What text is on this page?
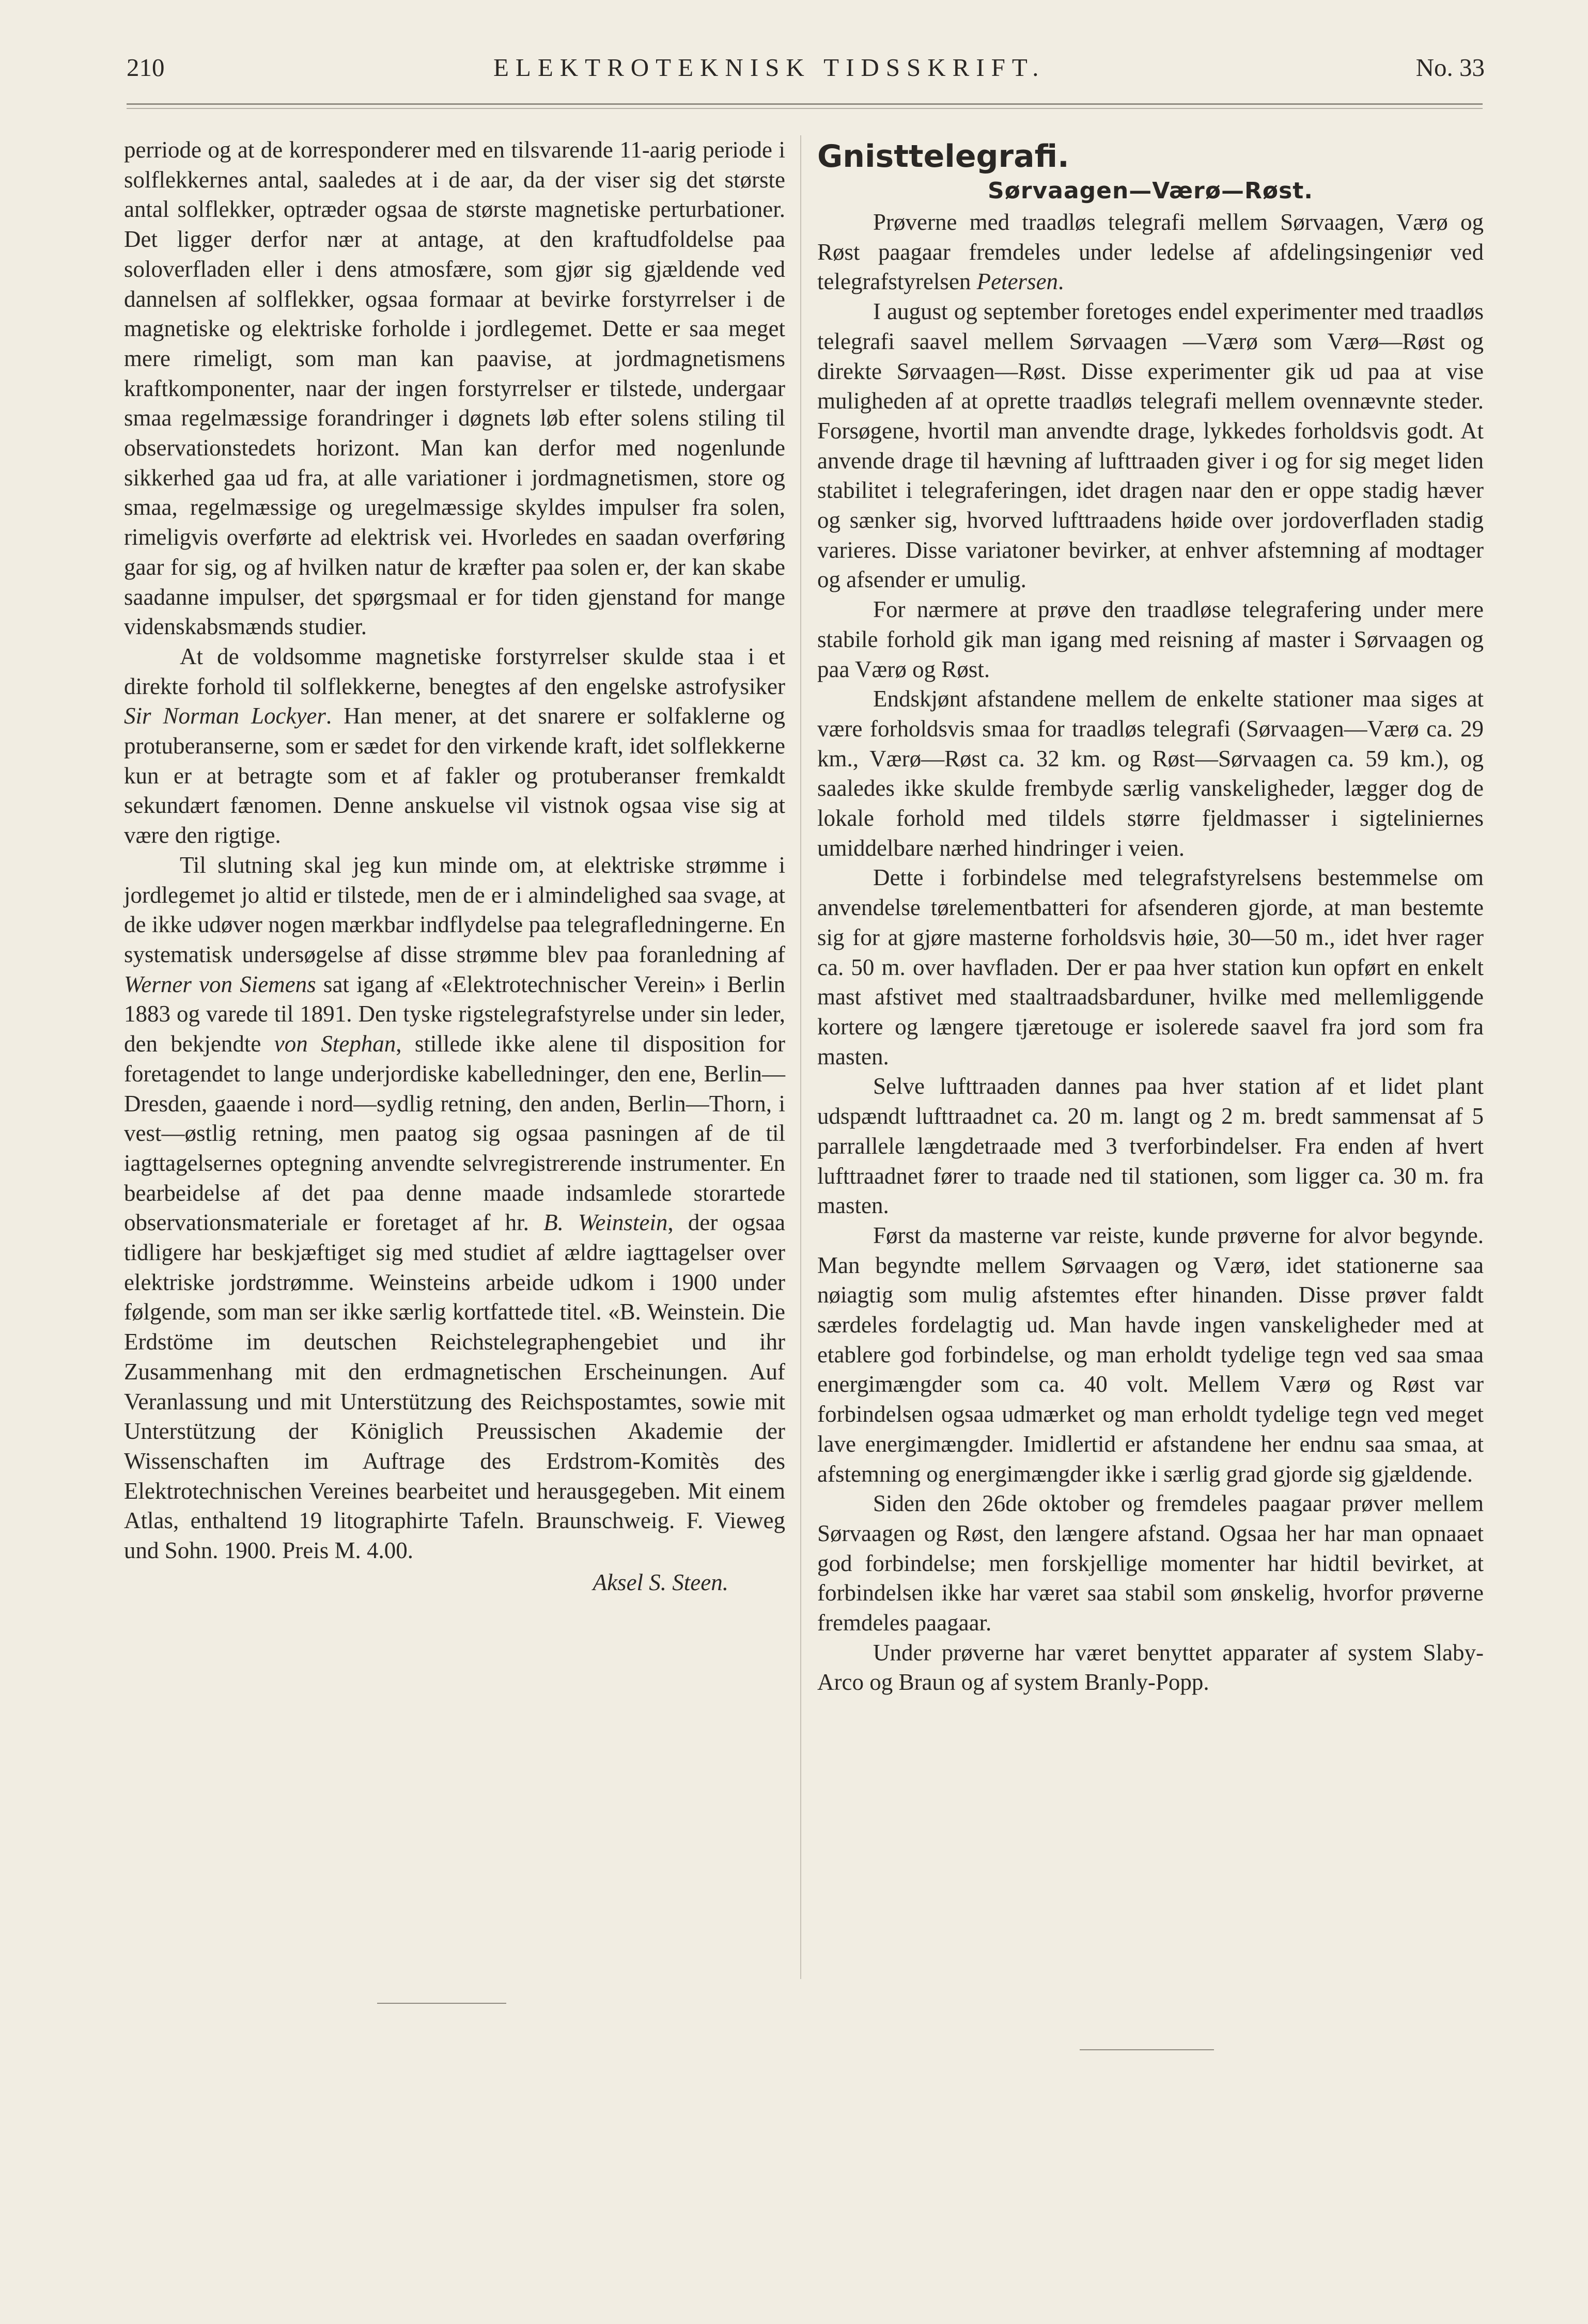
210	ELEKTROTEKNISK TIDSSKRIFT.	No. 33

perriode og at de korresponderer med en tilsvarende 11-aarig periode i solflekkernes antal, saaledes at i de aar, da der viser sig det største antal solflekker, optræder ogsaa de største magnetiske perturbationer. Det ligger derfor nær at antage, at den kraftudfoldelse paa soloverfladen eller i dens atmosfære, som gjør sig gjældende ved dannelsen af solflekker, ogsaa formaar at bevirke forstyrrelser i de magnetiske og elektriske forholde i jordlegemet. Dette er saa meget mere rimeligt, som man kan paavise, at jordmagnetismens kraftkomponenter, naar der ingen forstyrrelser er tilstede, undergaar smaa regelmæssige forandringer i døgnets løb efter solens stiling til observationstedets horizont. Man kan derfor med nogenlunde sikkerhed gaa ud fra, at alle variationer i jordmagnetismen, store og smaa, regelmæssige og uregelmæssige skyldes impulser fra solen, rimeligvis overførte ad elektrisk vei. Hvorledes en saadan overføring gaar for sig, og af hvilken natur de kræfter paa solen er, der kan skabe saadanne impulser, det spørgsmaal er for tiden gjenstand for mange videnskabsmænds studier.

At de voldsomme magnetiske forstyrrelser skulde staa i et direkte forhold til solflekkerne, benegtes af den engelske astrofysiker Sir Norman Lockyer. Han mener, at det snarere er solfaklerne og protuberanserne, som er sædet for den virkende kraft, idet solflekkerne kun er at betragte som et af fakler og protuberanser fremkaldt sekundært fænomen. Denne anskuelse vil vistnok ogsaa vise sig at være den rigtige.

Til slutning skal jeg kun minde om, at elektriske strømme i jordlegemet jo altid er tilstede, men de er i almindelighed saa svage, at de ikke udøver nogen mærkbar indflydelse paa telegrafledningerne. En systematisk undersøgelse af disse strømme blev paa foranledning af Werner von Siemens sat igang af «Elektrotechnischer Verein» i Berlin 1883 og varede til 1891. Den tyske rigstelegrafstyrelse under sin leder, den bekjendte von Stephan, stillede ikke alene til disposition for foretagendet to lange underjordiske kabelledninger, den ene, Berlin—Dresden, gaaende i nord—sydlig retning, den anden, Berlin—Thorn, i vest—østlig retning, men paatog sig ogsaa pasningen af de til iagttagelsernes optegning anvendte selvregistrerende instrumenter. En bearbeidelse af det paa denne maade indsamlede storartede observationsmateriale er foretaget af hr. B. Weinstein, der ogsaa tidligere har beskjæftiget sig med studiet af ældre iagttagelser over elektriske jordstrømme. Weinsteins arbeide udkom i 1900 under følgende, som man ser ikke særlig kortfattede titel. «B. Weinstein. Die Erdstöme im deutschen Reichstelegraphengebiet und ihr Zusammenhang mit den erdmagnetischen Erscheinungen. Auf Veranlassung und mit Unterstützung des Reichspostamtes, sowie mit Unterstützung der Königlich Preussischen Akademie der Wissenschaften im Auftrage des Erdstrom-Komitès des Elektrotechnischen Vereines bearbeitet und herausgegeben. Mit einem Atlas, enthaltend 19 litographirte Tafeln. Braunschweig. F. Vieweg und Sohn. 1900. Preis M. 4.00.

Aksel S. Steen.

Gnisttelegrafi.
Sørvaagen—Værø—Røst.

Prøverne med traadløs telegrafi mellem Sørvaagen, Værø og Røst paagaar fremdeles under ledelse af afdelingsingeniør ved telegrafstyrelsen Petersen.

I august og september foretoges endel experimenter med traadløs telegrafi saavel mellem Sørvaagen —Værø som Værø—Røst og direkte Sørvaagen—Røst. Disse experimenter gik ud paa at vise muligheden af at oprette traadløs telegrafi mellem ovennævnte steder. Forsøgene, hvortil man anvendte drage, lykkedes forholdsvis godt. At anvende drage til hævning af lufttraaden giver i og for sig meget liden stabilitet i telegraferingen, idet dragen naar den er oppe stadig hæver og sænker sig, hvorved lufttraadens høide over jordoverfladen stadig varieres. Disse variatoner bevirker, at enhver afstemning af modtager og afsender er umulig.

For nærmere at prøve den traadløse telegrafering under mere stabile forhold gik man igang med reisning af master i Sørvaagen og paa Værø og Røst.

Endskjønt afstandene mellem de enkelte stationer maa siges at være forholdsvis smaa for traadløs telegrafi (Sørvaagen—Værø ca. 29 km., Værø—Røst ca. 32 km. og Røst—Sørvaagen ca. 59 km.), og saaledes ikke skulde frembyde særlig vanskeligheder, lægger dog de lokale forhold med tildels større fjeldmasser i sigteliniernes umiddelbare nærhed hindringer i veien.

Dette i forbindelse med telegrafstyrelsens bestemmelse om anvendelse tørelementbatteri for afsenderen gjorde, at man bestemte sig for at gjøre masterne forholdsvis høie, 30—50 m., idet hver rager ca. 50 m. over havfladen. Der er paa hver station kun opført en enkelt mast afstivet med staaltraadsbarduner, hvilke med mellemliggende kortere og længere tjæretouge er isolerede saavel fra jord som fra masten.

Selve lufttraaden dannes paa hver station af et lidet plant udspændt lufttraadnet ca. 20 m. langt og 2 m. bredt sammensat af 5 parrallele længdetraade med 3 tverforbindelser. Fra enden af hvert lufttraadnet fører to traade ned til stationen, som ligger ca. 30 m. fra masten.

Først da masterne var reiste, kunde prøverne for alvor begynde. Man begyndte mellem Sørvaagen og Værø, idet stationerne saa nøiagtig som mulig afstemtes efter hinanden. Disse prøver faldt særdeles fordelagtig ud. Man havde ingen vanskeligheder med at etablere god forbindelse, og man erholdt tydelige tegn ved saa smaa energimængder som ca. 40 volt. Mellem Værø og Røst var forbindelsen ogsaa udmærket og man erholdt tydelige tegn ved meget lave energimængder. Imidlertid er afstandene her endnu saa smaa, at afstemning og energimængder ikke i særlig grad gjorde sig gjældende.

Siden den 26de oktober og fremdeles paagaar prøver mellem Sørvaagen og Røst, den længere afstand. Ogsaa her har man opnaaet god forbindelse; men forskjellige momenter har hidtil bevirket, at forbindelsen ikke har været saa stabil som ønskelig, hvorfor prøverne fremdeles paagaar.

Under prøverne har været benyttet apparater af system Slaby-Arco og Braun og af system Branly-Popp.
